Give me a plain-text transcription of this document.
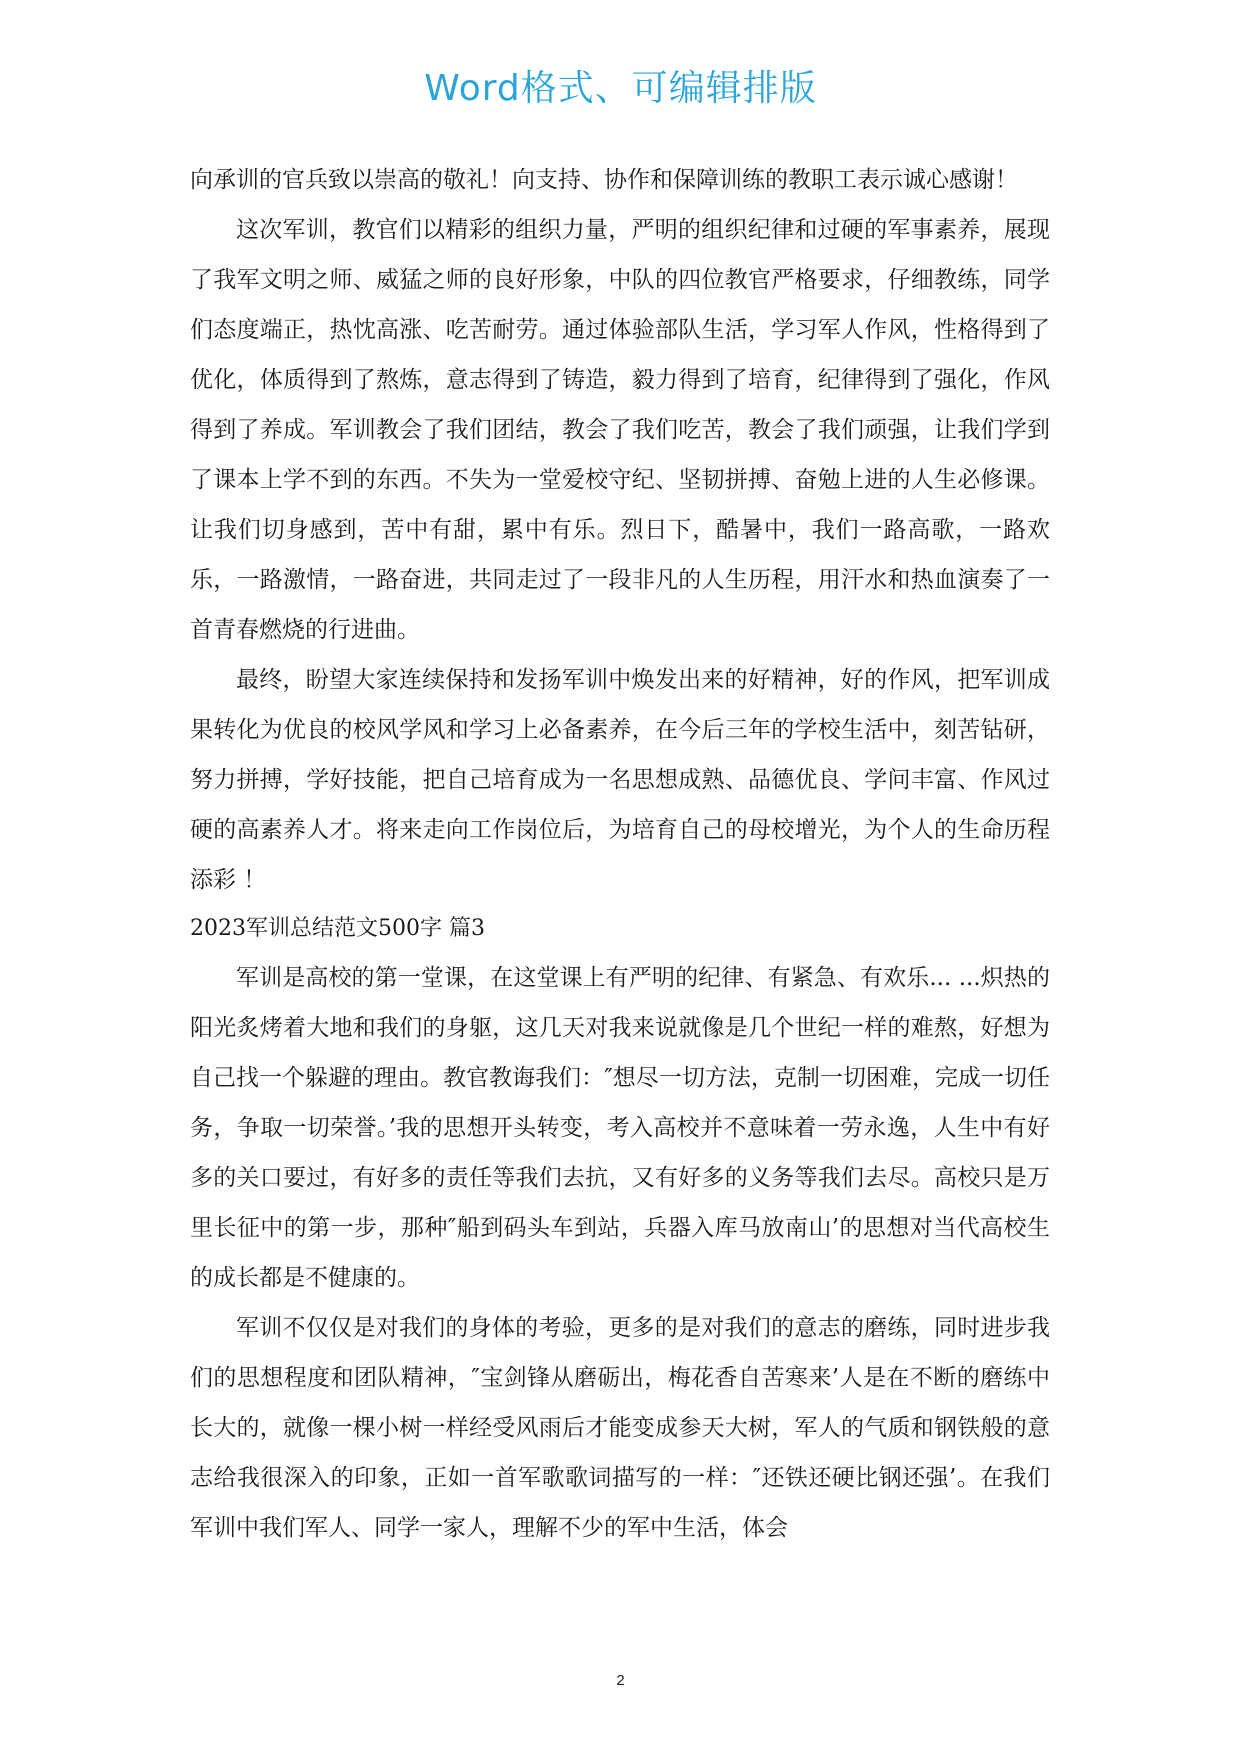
Word格式、可编辑排版

向承训的官兵致以崇高的敬礼！向支持、协作和保障训练的教职工表示诚心感谢！

这次军训，教官们以精彩的组织力量，严明的组织纪律和过硬的军事素养，展现了我军文明之师、威猛之师的良好形象，中队的四位教官严格要求，仔细教练，同学们态度端正，热忱高涨、吃苦耐劳。通过体验部队生活，学习军人作风，性格得到了优化，体质得到了熬炼，意志得到了铸造，毅力得到了培育，纪律得到了强化，作风得到了养成。军训教会了我们团结，教会了我们吃苦，教会了我们顽强，让我们学到了课本上学不到的东西。不失为一堂爱校守纪、坚韧拼搏、奋勉上进的人生必修课。让我们切身感到，苦中有甜，累中有乐。烈日下，酷暑中，我们一路高歌，一路欢乐，一路激情，一路奋进，共同走过了一段非凡的人生历程，用汗水和热血演奏了一首青春燃烧的行进曲。

最终，盼望大家连续保持和发扬军训中焕发出来的好精神，好的作风，把军训成果转化为优良的校风学风和学习上必备素养，在今后三年的学校生活中，刻苦钻研，努力拼搏，学好技能，把自己培育成为一名思想成熟、品德优良、学问丰富、作风过硬的高素养人才。将来走向工作岗位后，为培育自己的母校增光，为个人的生命历程添彩 ！

2023军训总结范文500字 篇3

军训是高校的第一堂课，在这堂课上有严明的纪律、有紧急、有欢乐... ...炽热的阳光炙烤着大地和我们的身躯，这几天对我来说就像是几个世纪一样的难熬，好想为自己找一个躲避的理由。教官教诲我们：″想尽一切方法，克制一切困难，完成一切任务，争取一切荣誉。’我的思想开头转变，考入高校并不意味着一劳永逸，人生中有好多的关口要过，有好多的责任等我们去抗，又有好多的义务等我们去尽。高校只是万里长征中的第一步，那种″船到码头车到站，兵器入库马放南山’的思想对当代高校生的成长都是不健康的。

军训不仅仅是对我们的身体的考验，更多的是对我们的意志的磨练，同时进步我们的思想程度和团队精神，″宝剑锋从磨砺出，梅花香自苦寒来’人是在不断的磨练中长大的，就像一棵小树一样经受风雨后才能变成参天大树，军人的气质和钢铁般的意志给我很深入的印象，正如一首军歌歌词描写的一样：″还铁还硬比钢还强’。在我们军训中我们军人、同学一家人，理解不少的军中生活，体会

2
